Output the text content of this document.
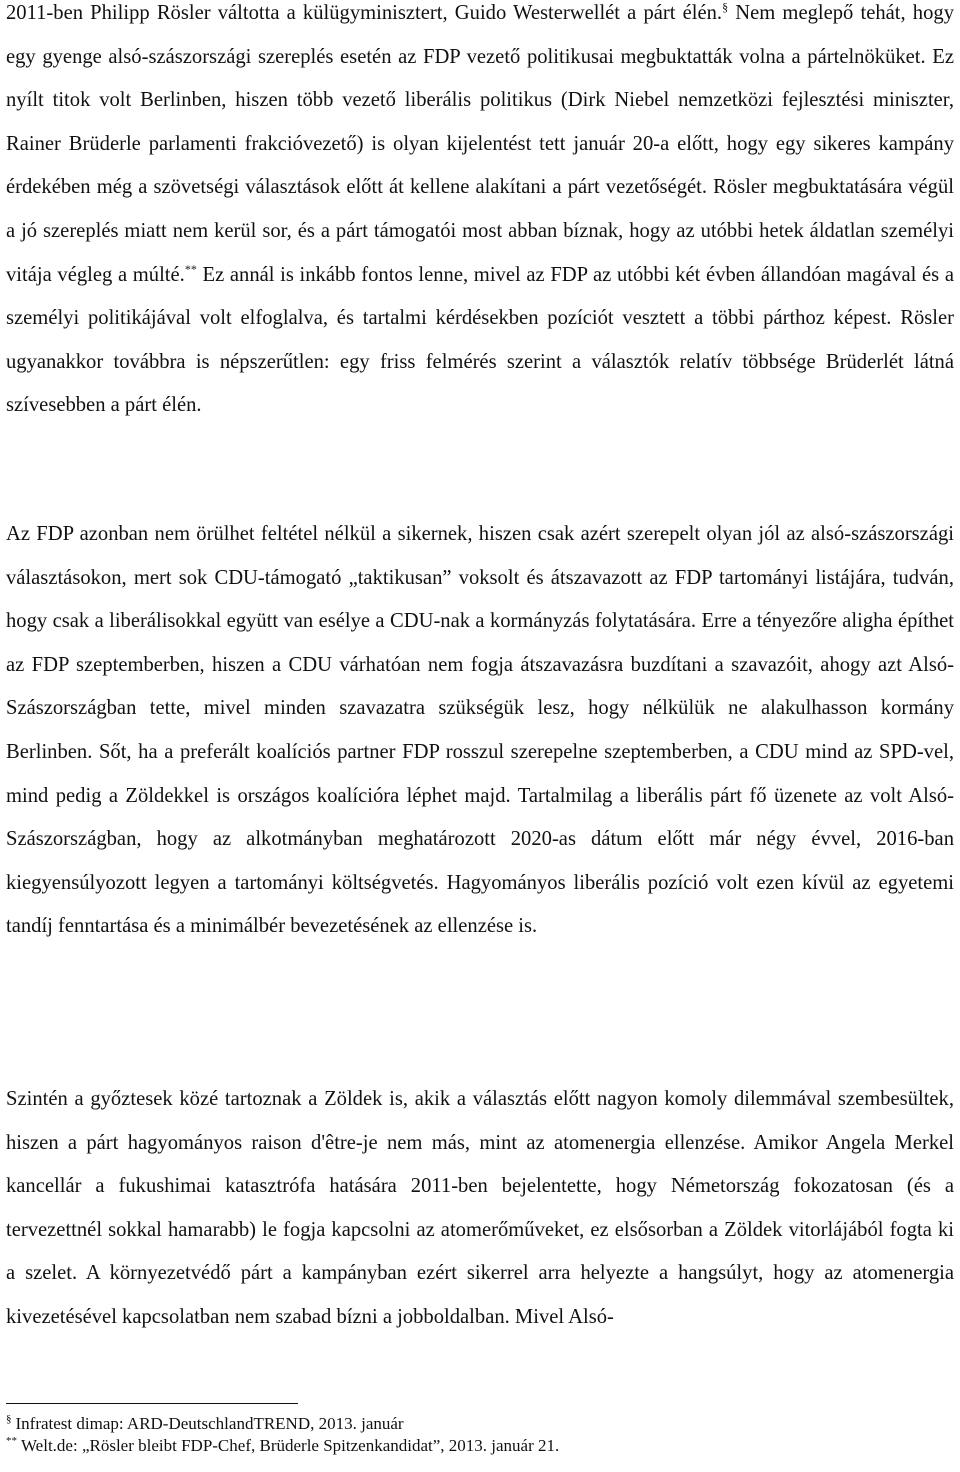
2011-ben Philipp Rösler váltotta a külügyminisztert, Guido Westerwellét a párt élén.§ Nem meglepő tehát, hogy egy gyenge alsó-szászországi szereplés esetén az FDP vezető politikusai megbuktatták volna a pártelnöküket. Ez nyílt titok volt Berlinben, hiszen több vezető liberális politikus (Dirk Niebel nemzetközi fejlesztési miniszter, Rainer Brüderle parlamenti frakcióvezető) is olyan kijelentést tett január 20-a előtt, hogy egy sikeres kampány érdekében még a szövetségi választások előtt át kellene alakítani a párt vezetőségét. Rösler megbuktatására végül a jó szereplés miatt nem kerül sor, és a párt támogatói most abban bíznak, hogy az utóbbi hetek áldatlan személyi vitája végleg a múlté.** Ez annál is inkább fontos lenne, mivel az FDP az utóbbi két évben állandóan magával és a személyi politikájával volt elfoglalva, és tartalmi kérdésekben pozíciót vesztett a többi párthoz képest. Rösler ugyanakkor továbbra is népszerűtlen: egy friss felmérés szerint a választók relatív többsége Brüderlét látná szívesebben a párt élén.

Az FDP azonban nem örülhet feltétel nélkül a sikernek, hiszen csak azért szerepelt olyan jól az alsó-szászországi választásokon, mert sok CDU-támogató „taktikusan” voksolt és átszavazott az FDP tartományi listájára, tudván, hogy csak a liberálisokkal együtt van esélye a CDU-nak a kormányzás folytatására. Erre a tényezőre aligha építhet az FDP szeptemberben, hiszen a CDU várhatóan nem fogja átszavazásra buzdítani a szavazóit, ahogy azt Alsó-Szászországban tette, mivel minden szavazatra szükségük lesz, hogy nélkülük ne alakulhasson kormány Berlinben. Sőt, ha a preferált koalíciós partner FDP rosszul szerepelne szeptemberben, a CDU mind az SPD-vel, mind pedig a Zöldekkel is országos koalícióra léphet majd. Tartalmilag a liberális párt fő üzenete az volt Alsó-Szászországban, hogy az alkotmányban meghatározott 2020-as dátum előtt már négy évvel, 2016-ban kiegyensúlyozott legyen a tartományi költségvetés. Hagyományos liberális pozíció volt ezen kívül az egyetemi tandíj fenntartása és a minimálbér bevezetésének az ellenzése is.

Szintén a győztesek közé tartoznak a Zöldek is, akik a választás előtt nagyon komoly dilemmával szembesültek, hiszen a párt hagyományos raison d'être-je nem más, mint az atomenergia ellenzése. Amikor Angela Merkel kancellár a fukushimai katasztrófa hatására 2011-ben bejelentette, hogy Németország fokozatosan (és a tervezettnél sokkal hamarabb) le fogja kapcsolni az atomerőműveket, ez elsősorban a Zöldek vitorlájából fogta ki a szelet. A környezetvédő párt a kampányban ezért sikerrel arra helyezte a hangsúlyt, hogy az atomenergia kivezetésével kapcsolatban nem szabad bízni a jobboldalban. Mivel Alsó-

§ Infratest dimap: ARD-DeutschlandTREND, 2013. január
** Welt.de: „Rösler bleibt FDP-Chef, Brüderle Spitzenkandidat”, 2013. január 21.
